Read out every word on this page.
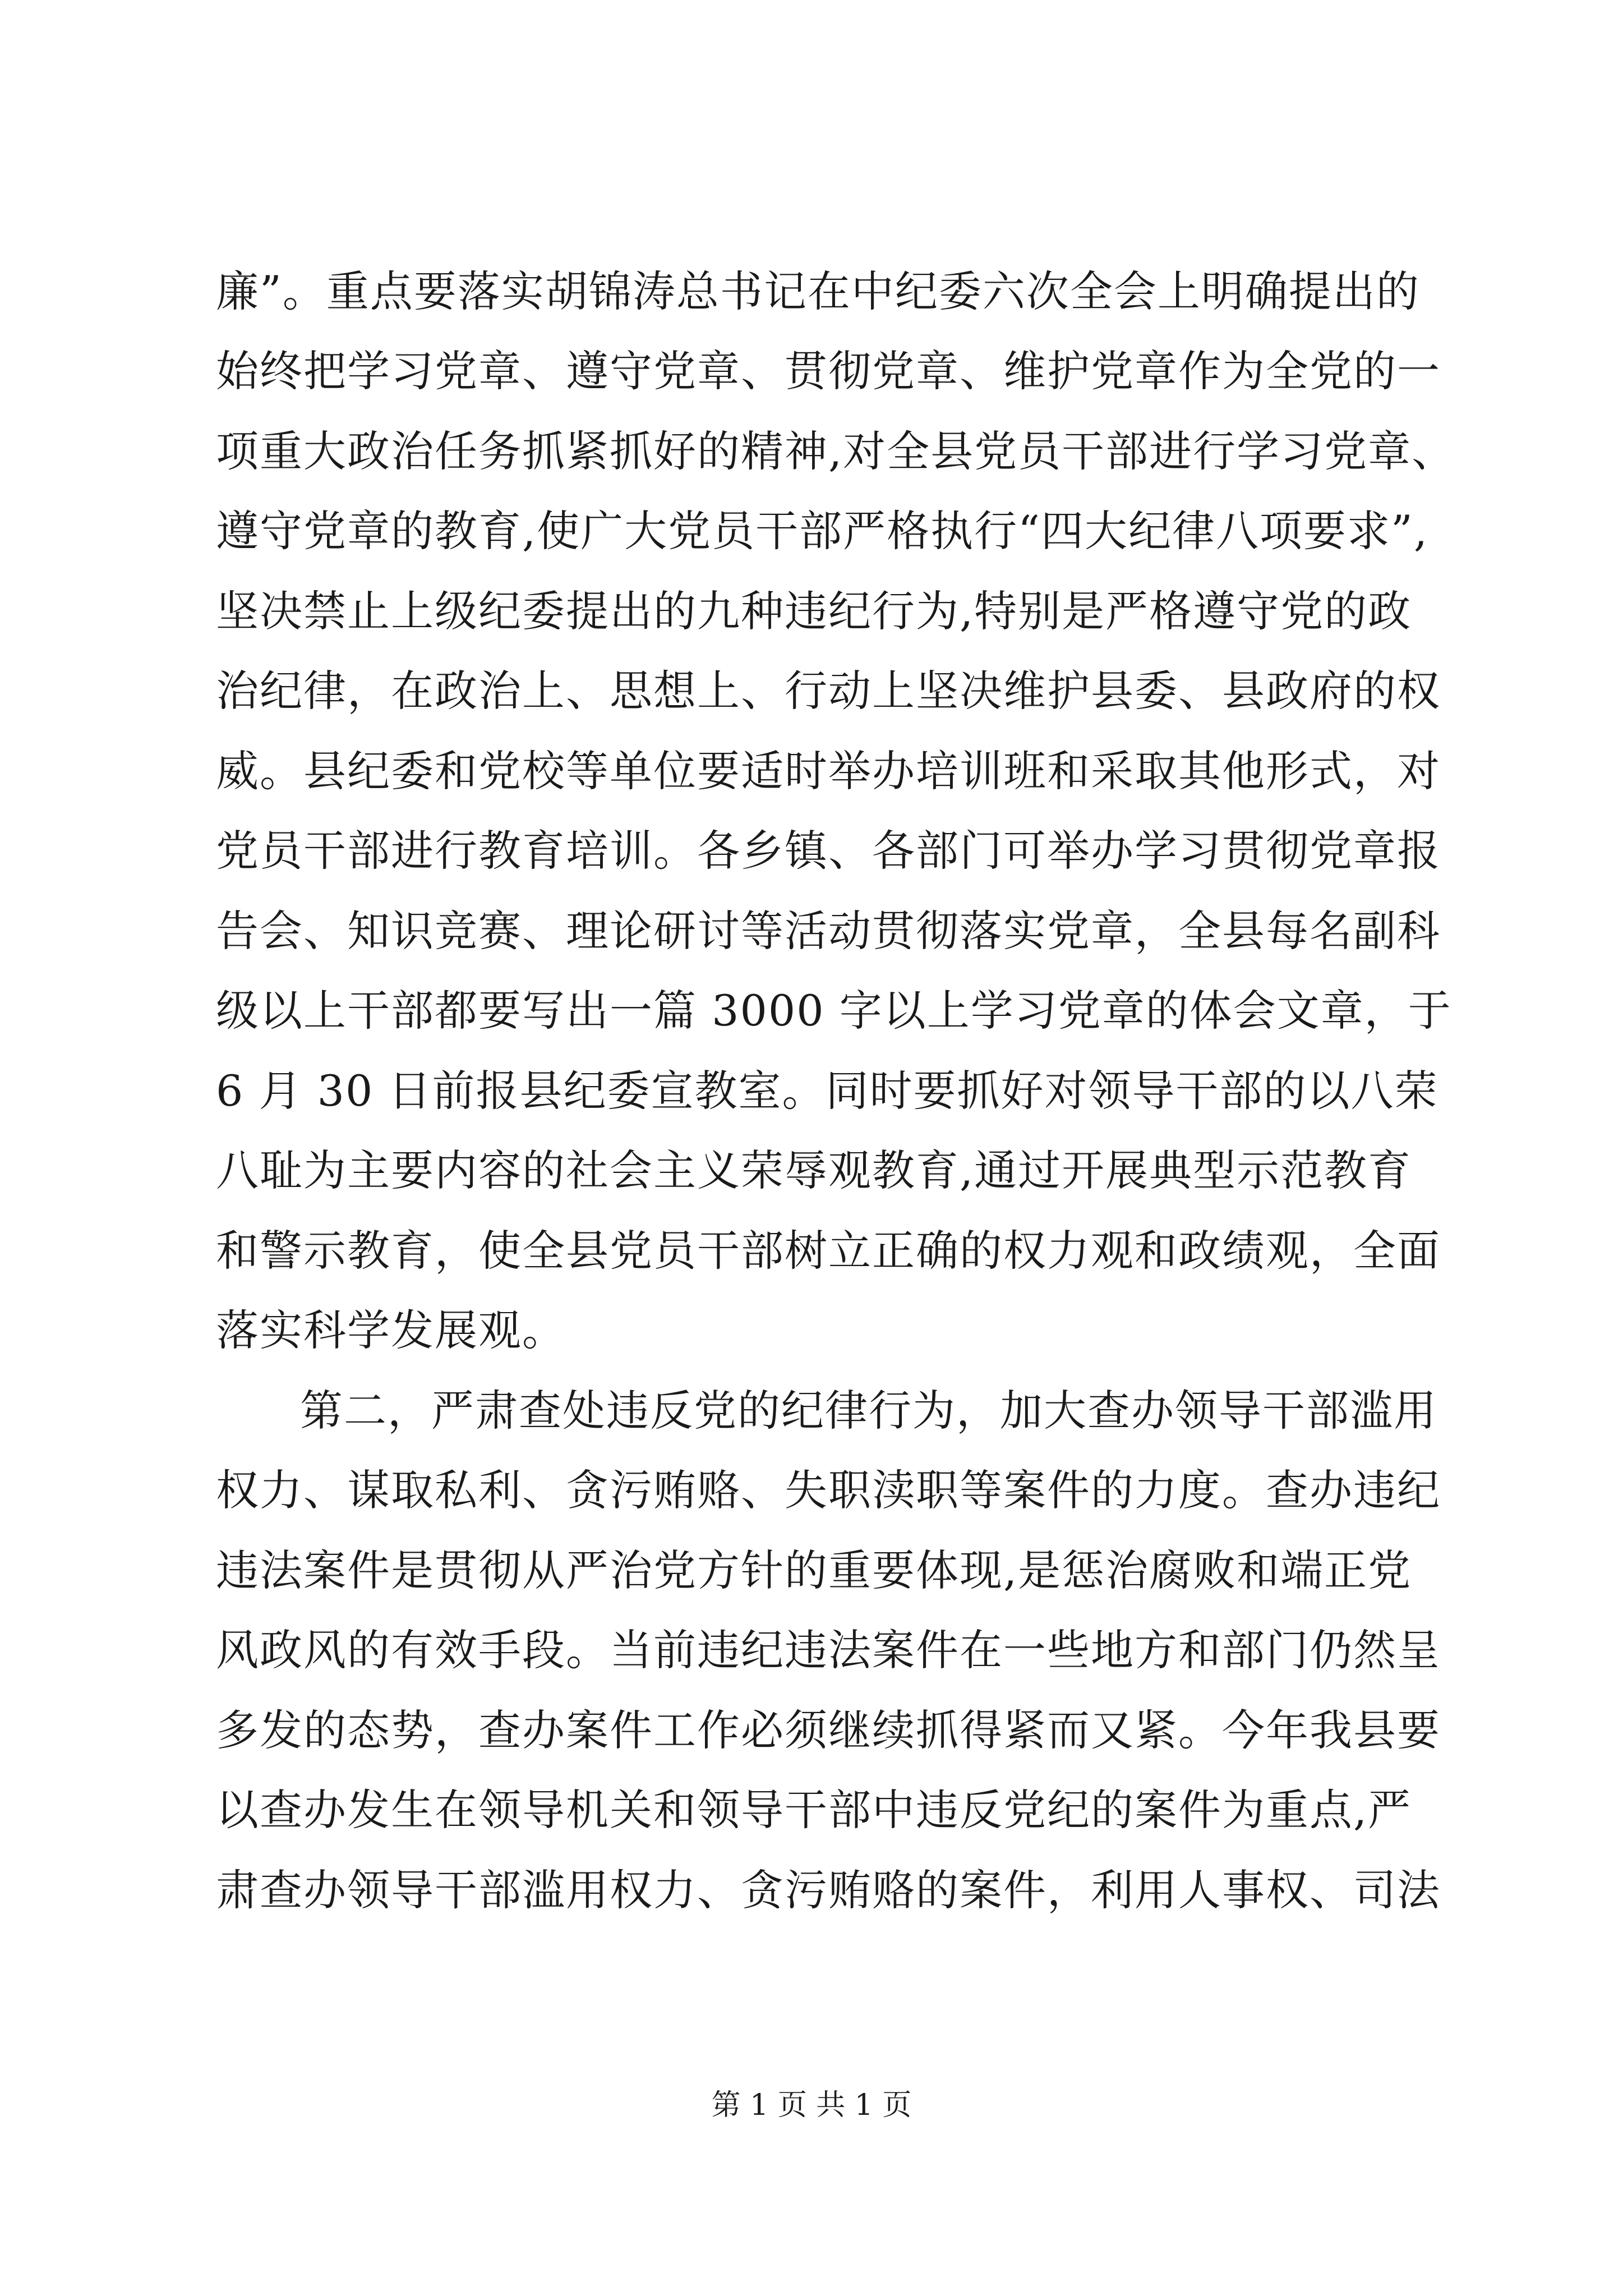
廉”。重点要落实胡锦涛总书记在中纪委六次全会上明确提出的
始终把学习党章、遵守党章、贯彻党章、维护党章作为全党的一
项重大政治任务抓紧抓好的精神,对全县党员干部进行学习党章、
遵守党章的教育,使广大党员干部严格执行“四大纪律八项要求”,
坚决禁止上级纪委提出的九种违纪行为,特别是严格遵守党的政
治纪律，在政治上、思想上、行动上坚决维护县委、县政府的权
威。县纪委和党校等单位要适时举办培训班和采取其他形式，对
党员干部进行教育培训。各乡镇、各部门可举办学习贯彻党章报
告会、知识竞赛、理论研讨等活动贯彻落实党章，全县每名副科
级以上干部都要写出一篇 3000 字以上学习党章的体会文章，于
6 月 30 日前报县纪委宣教室。同时要抓好对领导干部的以八荣
八耻为主要内容的社会主义荣辱观教育,通过开展典型示范教育
和警示教育，使全县党员干部树立正确的权力观和政绩观，全面
落实科学发展观。
第二，严肃查处违反党的纪律行为，加大查办领导干部滥用
权力、谋取私利、贪污贿赂、失职渎职等案件的力度。查办违纪
违法案件是贯彻从严治党方针的重要体现,是惩治腐败和端正党
风政风的有效手段。当前违纪违法案件在一些地方和部门仍然呈
多发的态势，查办案件工作必须继续抓得紧而又紧。今年我县要
以查办发生在领导机关和领导干部中违反党纪的案件为重点,严
肃查办领导干部滥用权力、贪污贿赂的案件，利用人事权、司法
第 1 页 共 1 页
